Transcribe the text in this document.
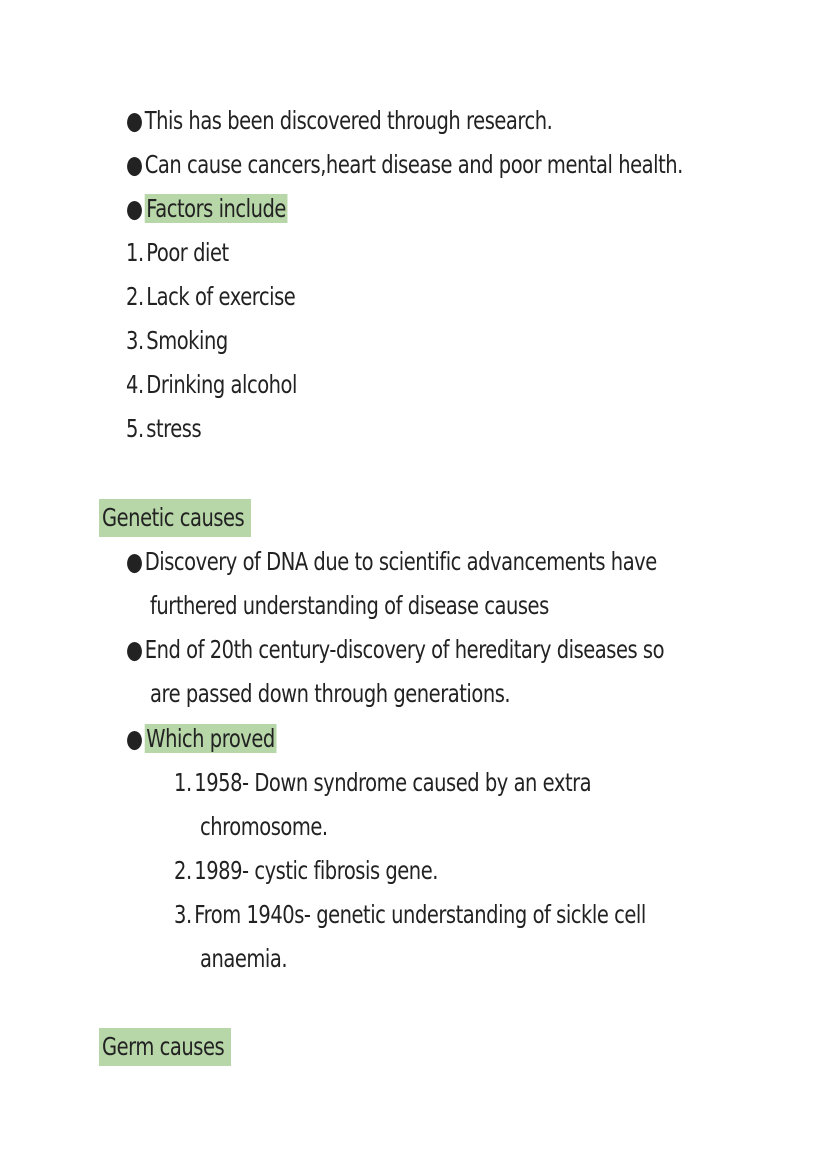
●This has been discovered through research.
●Can cause cancers,heart disease and poor mental health.
● Factors include
1. Poor diet
2. Lack of exercise
3. Smoking
4. Drinking alcohol
5. stress
Genetic causes
●Discovery of DNA due to scientific advancements have
furthered understanding of disease causes
●End of 20th century-discovery of hereditary diseases so
are passed down through generations.
● Which proved
1. 1958- Down syndrome caused by an extra
chromosome.
2. 1989- cystic fibrosis gene.
3. From 1940s- genetic understanding of sickle cell
anaemia.
Germ causes
